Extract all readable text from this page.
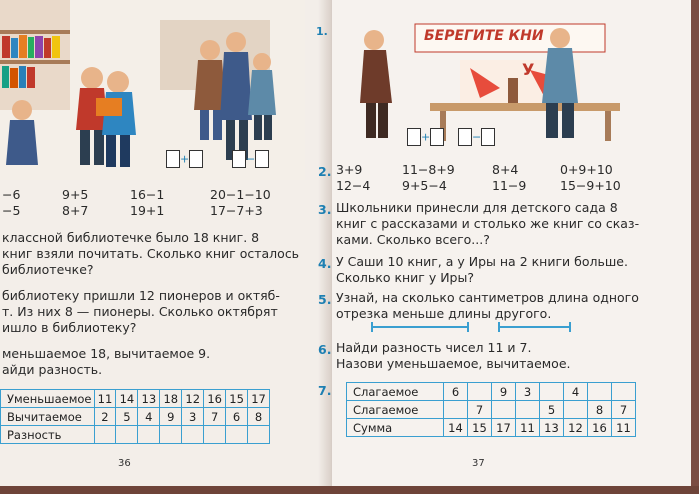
+	−
−6	9+5	16−1	20−1−10
−5	8+7	19+1	17−7+3
классной библиотечке было 18 книг. 8
книг взяли почитать. Сколько книг осталось
библиотечке?
библиотеку пришли 12 пионеров и октяб-
т. Из них 8 — пионеры. Сколько октябрят
ишло в библиотеку?
меньшаемое 18, вычитаемое 9.
айди разность.
Уменьшаемое	11	14	13	18	12	16	15	17
Вычитаемое	2	5	4	9	3	7	6	8
Разность								
36
1.	БЕРЕГИТЕ КНИ
У
+	−
2. 3+9	11−8+9	8+4	0+9+10
12−4	9+5−4	11−9	15−9+10
3. Школьники принесли для детского сада 8
книг с рассказами и столько же книг со сказ-
ками. Сколько всего...?
4. У Саши 10 книг, а у Иры на 2 книги больше.
Сколько книг у Иры?
5. Узнай, на сколько сантиметров длина одного
отрезка меньше длины другого.
6. Найди разность чисел 11 и 7.
Назови уменьшаемое, вычитаемое.
7. Слагаемое	6		9	3		4		
Слагаемое		7			5		8	7
Сумма	14	15	17	11	13	12	16	11
37
